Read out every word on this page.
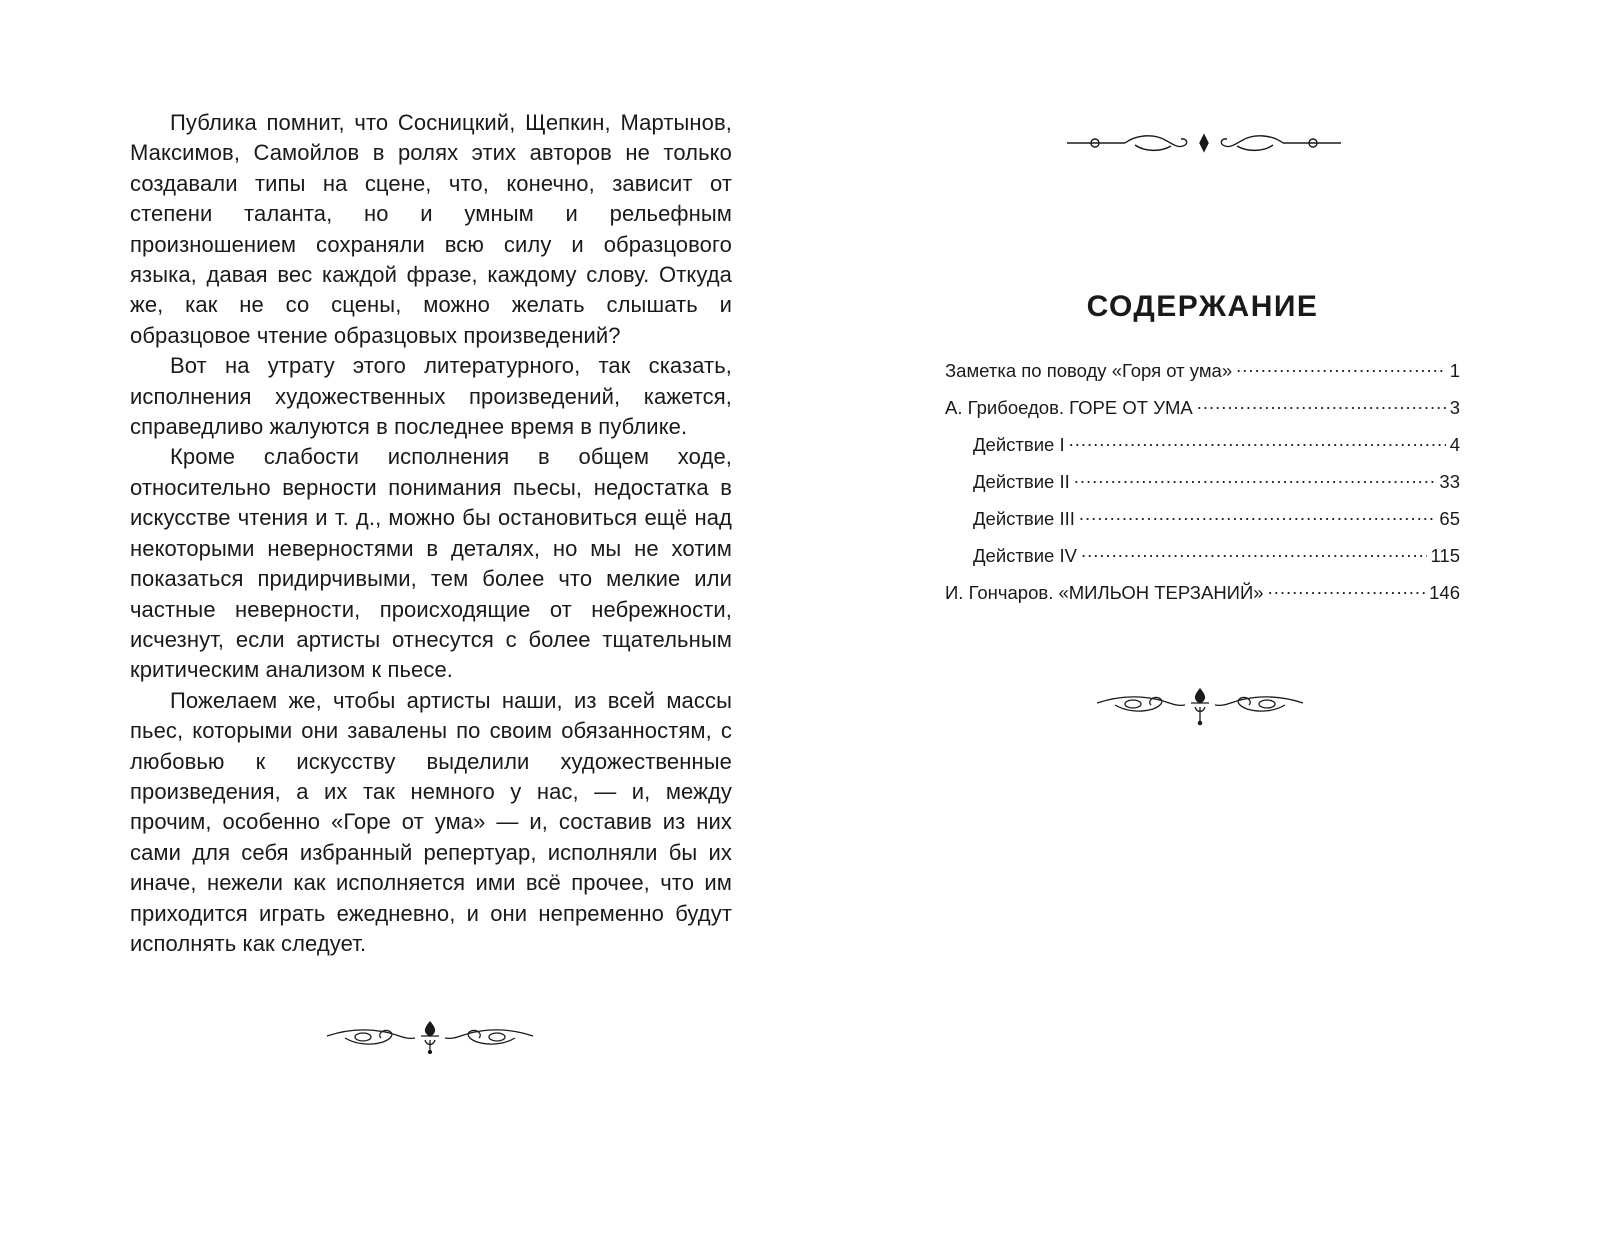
Публика помнит, что Сосницкий, Щепкин, Мартынов, Максимов, Самойлов в ролях этих авторов не только создавали типы на сцене, что, конечно, зависит от степени таланта, но и умным и рельефным произношением сохраняли всю силу и образцового языка, давая вес каждой фразе, каждому слову. Откуда же, как не со сцены, можно желать слышать и образцовое чтение образцовых произведений?

Вот на утрату этого литературного, так сказать, исполнения художественных произведений, кажется, справедливо жалуются в последнее время в публике.

Кроме слабости исполнения в общем ходе, относительно верности понимания пьесы, недостатка в искусстве чтения и т. д., можно бы остановиться ещё над некоторыми неверностями в деталях, но мы не хотим показаться придирчивыми, тем более что мелкие или частные неверности, происходящие от небрежности, исчезнут, если артисты отнесутся с более тщательным критическим анализом к пьесе.

Пожелаем же, чтобы артисты наши, из всей массы пьес, которыми они завалены по своим обязанностям, с любовью к искусству выделили художественные произведения, а их так немного у нас, — и, между прочим, особенно «Горе от ума» — и, составив из них сами для себя избранный репертуар, исполняли бы их иначе, нежели как исполняется ими всё прочее, что им приходится играть ежедневно, и они непременно будут исполнять как следует.

СОДЕРЖАНИЕ
Заметка по поводу «Горя от ума» .....	1
А. Грибоедов. ГОРЕ ОТ УМА .....	3
Действие I .....	4
Действие II .....	33
Действие III .....	65
Действие IV .....	115
И. Гончаров. «МИЛЬОН ТЕРЗАНИЙ» .....	146
